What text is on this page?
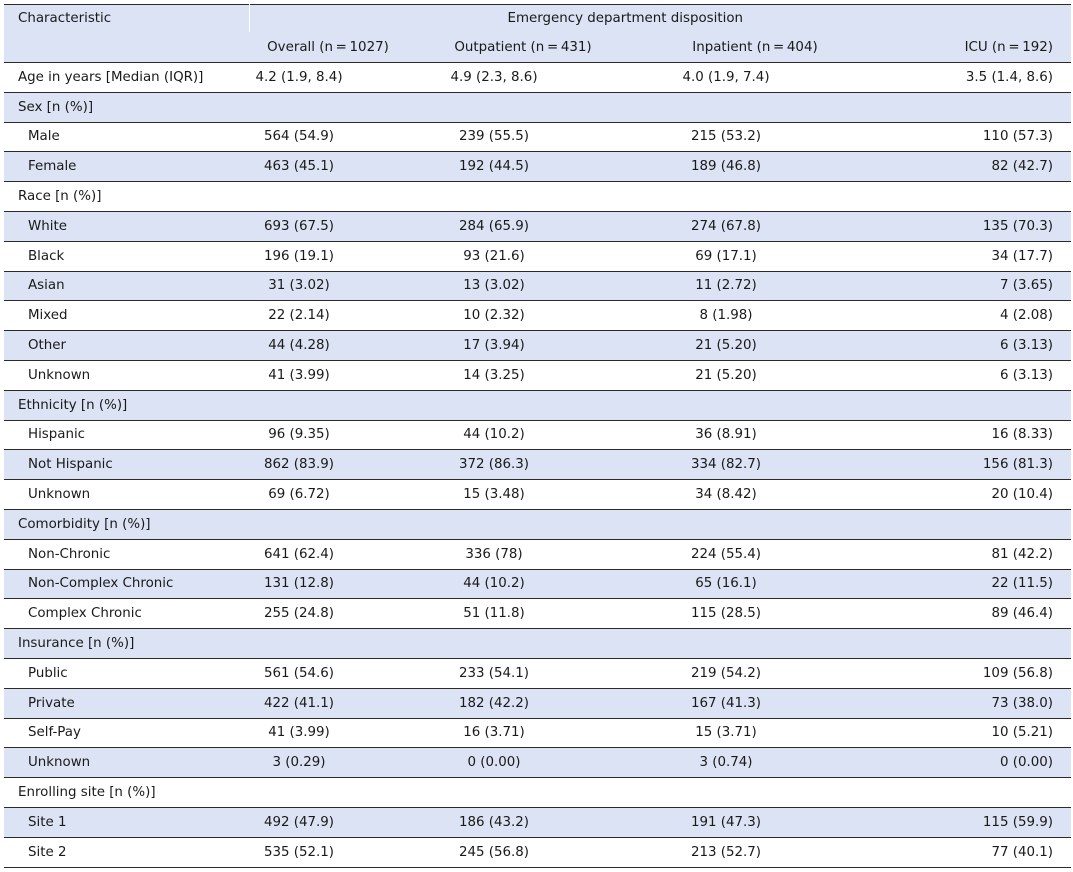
Characteristic	Emergency department disposition			
	Overall (n = 1027)	Outpatient (n = 431)	Inpatient (n = 404)	ICU (n = 192)
Age in years [Median (IQR)]	4.2 (1.9, 8.4)	4.9 (2.3, 8.6)	4.0 (1.9, 7.4)	3.5 (1.4, 8.6)
Sex [n (%)]				
Male	564 (54.9)	239 (55.5)	215 (53.2)	110 (57.3)
Female	463 (45.1)	192 (44.5)	189 (46.8)	82 (42.7)
Race [n (%)]				
White	693 (67.5)	284 (65.9)	274 (67.8)	135 (70.3)
Black	196 (19.1)	93 (21.6)	69 (17.1)	34 (17.7)
Asian	31 (3.02)	13 (3.02)	11 (2.72)	7 (3.65)
Mixed	22 (2.14)	10 (2.32)	8 (1.98)	4 (2.08)
Other	44 (4.28)	17 (3.94)	21 (5.20)	6 (3.13)
Unknown	41 (3.99)	14 (3.25)	21 (5.20)	6 (3.13)
Ethnicity [n (%)]				
Hispanic	96 (9.35)	44 (10.2)	36 (8.91)	16 (8.33)
Not Hispanic	862 (83.9)	372 (86.3)	334 (82.7)	156 (81.3)
Unknown	69 (6.72)	15 (3.48)	34 (8.42)	20 (10.4)
Comorbidity [n (%)]				
Non-Chronic	641 (62.4)	336 (78)	224 (55.4)	81 (42.2)
Non-Complex Chronic	131 (12.8)	44 (10.2)	65 (16.1)	22 (11.5)
Complex Chronic	255 (24.8)	51 (11.8)	115 (28.5)	89 (46.4)
Insurance [n (%)]				
Public	561 (54.6)	233 (54.1)	219 (54.2)	109 (56.8)
Private	422 (41.1)	182 (42.2)	167 (41.3)	73 (38.0)
Self-Pay	41 (3.99)	16 (3.71)	15 (3.71)	10 (5.21)
Unknown	3 (0.29)	0 (0.00)	3 (0.74)	0 (0.00)
Enrolling site [n (%)]				
Site 1	492 (47.9)	186 (43.2)	191 (47.3)	115 (59.9)
Site 2	535 (52.1)	245 (56.8)	213 (52.7)	77 (40.1)
